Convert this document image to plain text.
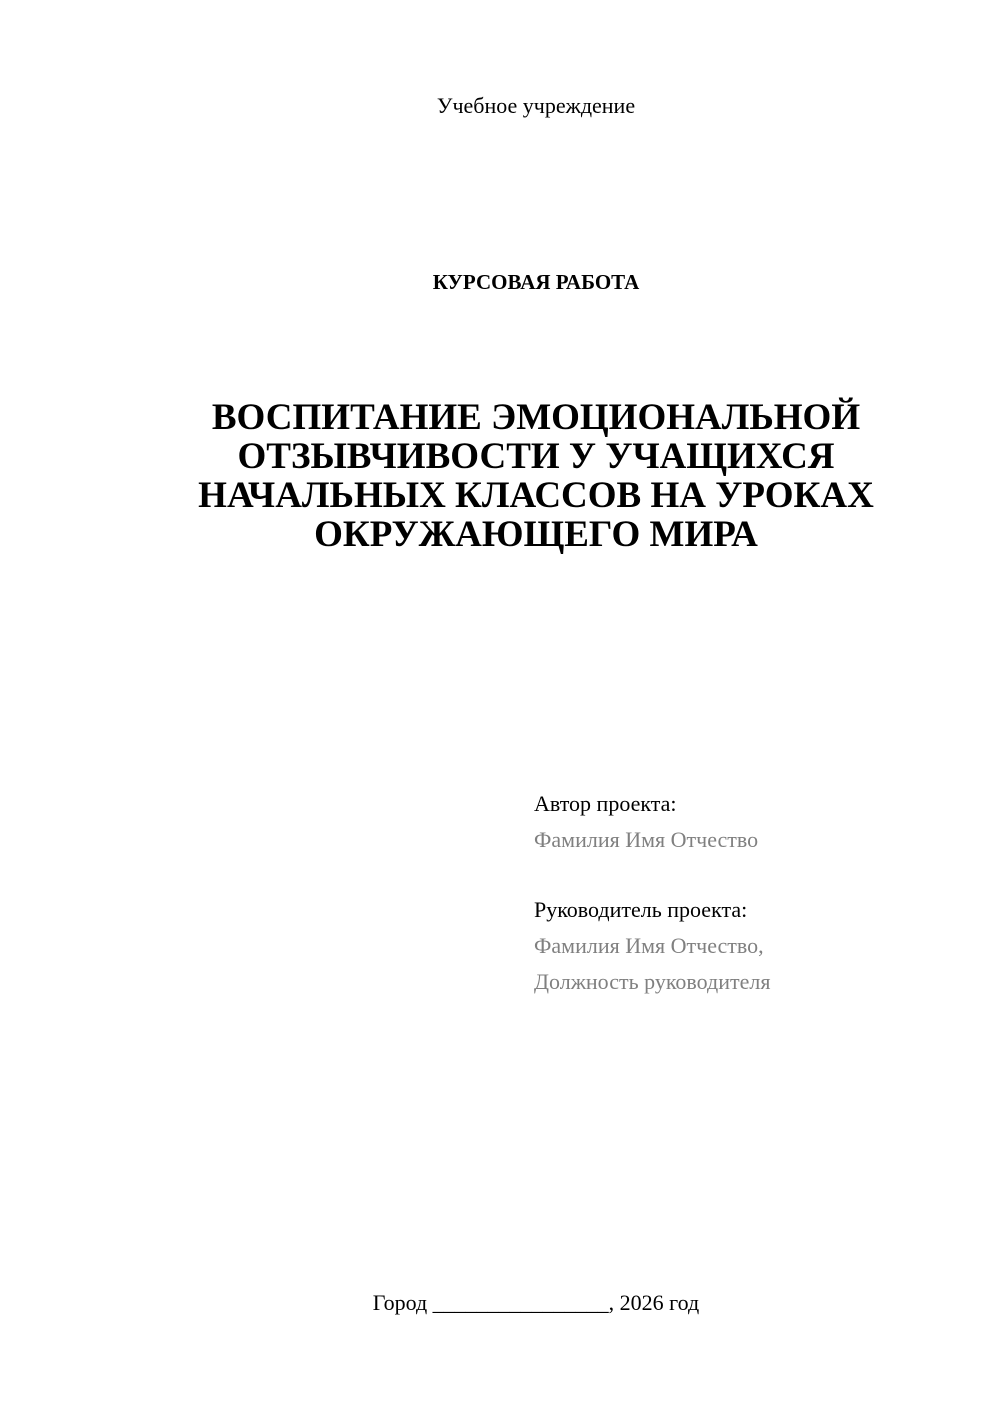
Учебное учреждение
КУРСОВАЯ РАБОТА
ВОСПИТАНИЕ ЭМОЦИОНАЛЬНОЙ
ОТЗЫВЧИВОСТИ У УЧАЩИХСЯ
НАЧАЛЬНЫХ КЛАССОВ НА УРОКАХ
ОКРУЖАЮЩЕГО МИРА
Автор проекта:
Фамилия Имя Отчество
Руководитель проекта:
Фамилия Имя Отчество,
Должность руководителя
Город ________________, 2026 год
